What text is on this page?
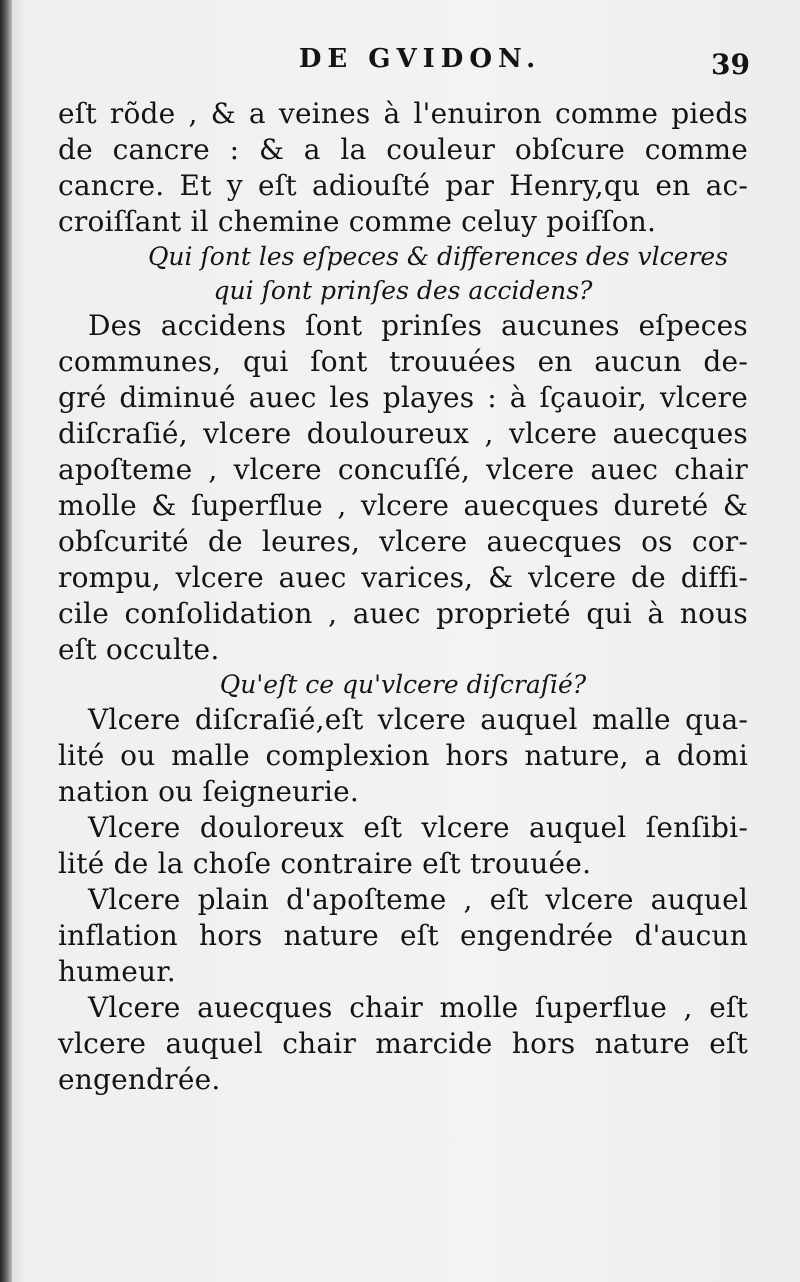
DE GVIDON.	39
eſt rõde , & a veines à l'enuiron comme pieds
de cancre : & a la couleur obſcure comme
cancre. Et y eſt adiouſté par Henry,qu en ac-
croiſſant il chemine comme celuy poiſſon.
Qui ſont les eſpeces & differences des vlceres
qui ſont prinſes des accidens?
Des accidens ſont prinſes aucunes eſpeces
communes, qui ſont trouuées en aucun de-
gré diminué auec les playes : à ſçauoir, vlcere
diſcraſié, vlcere douloureux , vlcere auecques
apoſteme , vlcere concuſſé, vlcere auec chair
molle & ſuperflue , vlcere auecques dureté &
obſcurité de leures, vlcere auecques os cor-
rompu, vlcere auec varices, & vlcere de diffi-
cile conſolidation , auec proprieté qui à nous
eſt occulte.
Qu'eſt ce qu'vlcere diſcraſié?
Vlcere diſcraſié,eſt vlcere auquel malle qua-
lité ou malle complexion hors nature, a domi
nation ou ſeigneurie.
Vlcere douloreux eſt vlcere auquel ſenſibi-
lité de la choſe contraire eſt trouuée.
Vlcere plain d'apoſteme , eſt vlcere auquel
inflation hors nature eſt engendrée d'aucun
humeur.
Vlcere auecques chair molle ſuperflue , eſt
vlcere auquel chair marcide hors nature eſt
engendrée.
